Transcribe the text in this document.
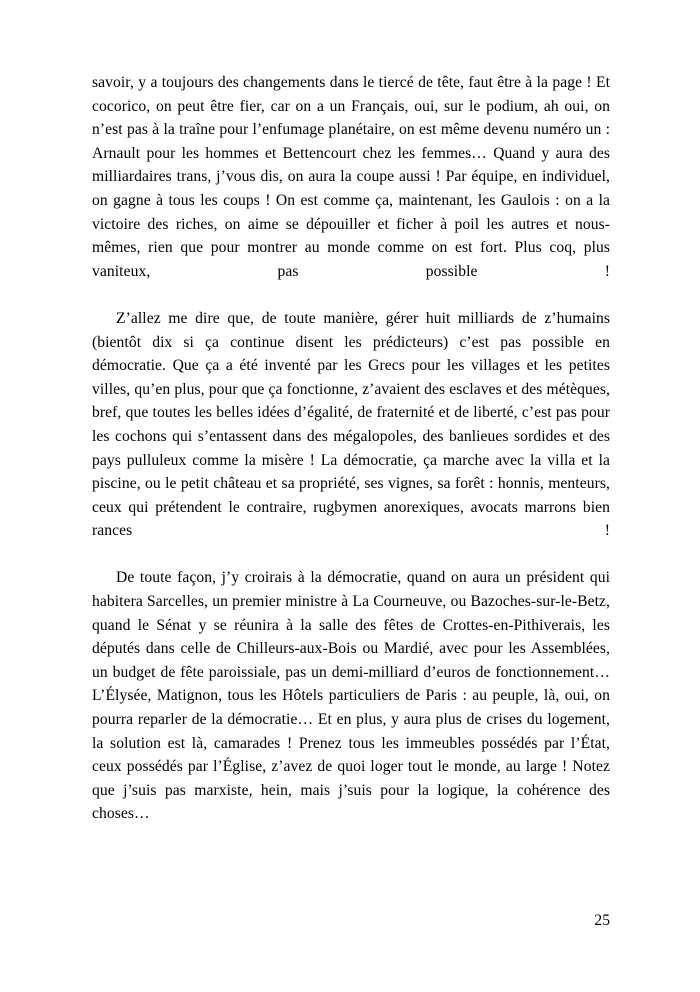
savoir, y a toujours des changements dans le tiercé de tête, faut être à la page ! Et cocorico, on peut être fier, car on a un Français, oui, sur le podium, ah oui, on n’est pas à la traîne pour l’enfumage planétaire, on est même devenu numéro un : Arnault pour les hommes et Bettencourt chez les femmes… Quand y aura des milliardaires trans, j’vous dis, on aura la coupe aussi ! Par équipe, en individuel, on gagne à tous les coups ! On est comme ça, maintenant, les Gaulois : on a la victoire des riches, on aime se dépouiller et ficher à poil les autres et nous-mêmes, rien que pour montrer au monde comme on est fort. Plus coq, plus vaniteux, pas possible !

Z’allez me dire que, de toute manière, gérer huit milliards de z’humains (bientôt dix si ça continue disent les prédicteurs) c’est pas possible en démocratie. Que ça a été inventé par les Grecs pour les villages et les petites villes, qu’en plus, pour que ça fonctionne, z’avaient des esclaves et des métèques, bref, que toutes les belles idées d’égalité, de fraternité et de liberté, c’est pas pour les cochons qui s’entassent dans des mégalopoles, des banlieues sordides et des pays pulluleux comme la misère ! La démocratie, ça marche avec la villa et la piscine, ou le petit château et sa propriété, ses vignes, sa forêt : honnis, menteurs, ceux qui prétendent le contraire, rugbymen anorexiques, avocats marrons bien rances !

De toute façon, j’y croirais à la démocratie, quand on aura un président qui habitera Sarcelles, un premier ministre à La Courneuve, ou Bazoches-sur-le-Betz, quand le Sénat y se réunira à la salle des fêtes de Crottes-en-Pithiverais, les députés dans celle de Chilleurs-aux-Bois ou Mardié, avec pour les Assemblées, un budget de fête paroissiale, pas un demi-milliard d’euros de fonctionnement… L’Élysée, Matignon, tous les Hôtels particuliers de Paris : au peuple, là, oui, on pourra reparler de la démocratie… Et en plus, y aura plus de crises du logement, la solution est là, camarades ! Prenez tous les immeubles possédés par l’État, ceux possédés par l’Église, z’avez de quoi loger tout le monde, au large ! Notez que j’suis pas marxiste, hein, mais j’suis pour la logique, la cohérence des choses…

25
